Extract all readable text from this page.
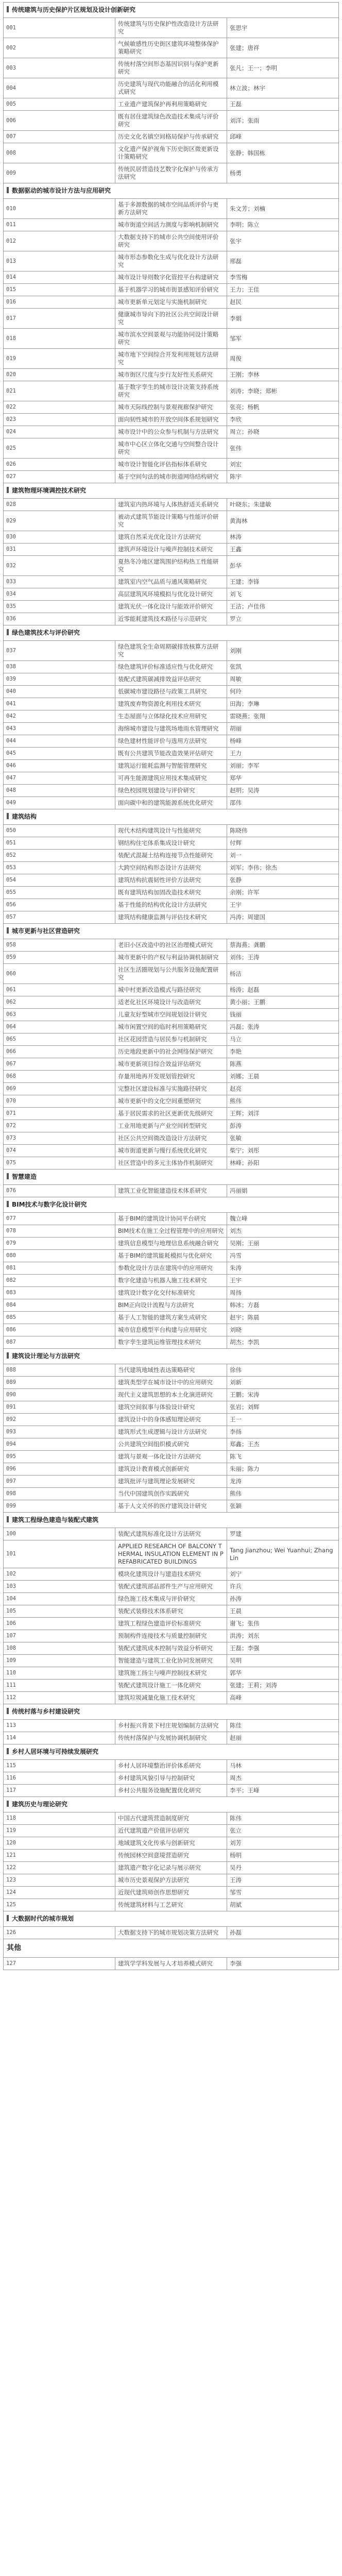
传统建筑与历史保护片区规划及设计创新研究		
001	传统建筑与历史保护性改造设计方法研究	张思宇
002	气候敏感性历史街区建筑环境整体保护策略研究	张建；唐祥
003	传统村落空间形态基因识别与保护更新研究	张凡；王一；李明
004	历史建筑与现代功能融合的活化利用模式研究	林立波；林宇
005	工业遗产建筑保护再利用策略研究	王磊
006	既有居住建筑绿色改造技术集成与评价研究	刘洋；张雨
007	历史文化名镇空间格局保护与传承研究	邱峰
008	文化遗产保护视角下历史街区微更新设计策略研究	张静；韩国栋
009	传统民居营造技艺数字化保护与传承方法研究	杨勇
数据驱动的城市设计方法与应用研究		
010	基于多源数据的城市空间品质评价与更新方法研究	朱文芳；刘楠
011	城市街道空间活力测度与影响机制研究	李明；陈立
012	大数据支持下的城市公共空间使用评价研究	张宇
013	城市形态参数化生成与优化设计方法研究	邢磊
014	城市设计导则数字化管控平台构建研究	李雪梅
015	基于机器学习的城市街景感知评价研究	王力；王佳
016	城市更新单元划定与实施机制研究	赵民
017	健康城市导向下的社区公共空间设计研究	李娟
018	城市滨水空间景观与功能协同设计策略研究	邹军
019	城市地下空间综合开发利用规划方法研究	周俊
020	城市街区尺度与步行友好性关系研究	王刚；李林
021	基于数字孪生的城市设计决策支持系统研究	刘涛；李晓；郑彬
022	城市天际线控制与景观视廊保护研究	张亮；杨帆
023	面向韧性城市的开放空间体系规划研究	李欣
024	城市设计中的公众参与机制与方法研究	周立；孙晓
025	城市中心区立体化交通与空间整合设计研究	张伟
026	城市设计智能化评估指标体系研究	刘宏
027	基于空间句法的城市街道网络结构研究	陈宇
建筑物理环境调控技术研究		
028	建筑室内热环境与人体热舒适关系研究	叶晓东；朱建敏
029	被动式建筑节能设计策略与性能评价研究	黄海林
030	建筑自然采光优化设计方法研究	林涛
031	建筑声环境设计与噪声控制技术研究	王鑫
032	夏热冬冷地区建筑围护结构热工性能研究	彭华
033	建筑室内空气品质与通风策略研究	王建；李锋
034	高层建筑风环境模拟与优化设计研究	刘飞
035	建筑光伏一体化设计与能效评价研究	王洁；卢佳伟
036	近零能耗建筑技术路径与示范研究	罗立
绿色建筑技术与评价研究		
037	绿色建筑全生命周期碳排放核算方法研究	刘刚
038	绿色建筑评价标准适应性与优化研究	张凯
039	装配式建筑碳减排效益评估研究	周敏
040	低碳城市建设路径与政策工具研究	何玲
041	建筑废弃物资源化利用技术研究	田海；李琳
042	生态屋面与立体绿化技术应用研究	雷晓燕；张翔
043	海绵城市建设与建筑场地雨水管理研究	胡丽
044	绿色建材性能评价与选用方法研究	杨峰
045	既有公共建筑节能改造效果评估研究	王力
046	建筑运行能耗监测与智能管理研究	刘丽；李军
047	可再生能源建筑应用技术集成研究	郑华
048	绿色校园规划建设与评价研究	赵明；吴涛
049	面向碳中和的建筑能源系统优化研究	邵伟
建筑结构		
050	现代木结构建筑设计与性能研究	陈晓伟
051	钢结构住宅体系集成设计研究	付辉
052	装配式混凝土结构连接节点性能研究	刘一
053	大跨空间结构形态设计方法研究	刘军；李伟；徐杰
054	建筑结构抗震韧性评价方法研究	张静
055	既有建筑结构加固改造技术研究	余刚；许军
056	基于性能的结构优化设计方法研究	王宇
057	建筑结构健康监测与评估技术研究	冯涛；周建国
城市更新与社区营造研究		
058	老旧小区改造中的社区治理模式研究	蔡海燕；龚鹏
059	城市更新中的产权与利益协调机制研究	刘伟；王涛
060	社区生活圈规划与公共服务设施配置研究	杨洁
061	城中村更新改造模式与路径研究	杨涛；赵磊
062	适老化社区环境设计与改造研究	黄小丽；王鹏
063	儿童友好型城市空间规划设计研究	钱丽
064	城市闲置空间的临时利用策略研究	冯磊；张涛
065	社区花园营造与居民参与机制研究	马立
066	历史地段更新中的社会网络保护研究	李艳
067	城市更新项目综合效益评估研究	陈燕
068	存量用地再开发规划管控研究	刘娜；王晨
069	完整社区建设标准与实施路径研究	赵亮
070	城市更新中的文化空间重塑研究	熊伟
071	基于居民需求的社区更新优先级研究	王辉；刘洋
072	工业用地更新与产业空间转型研究	彭涛
073	社区公共空间微改造设计方法研究	张敏
074	城市街道更新与慢行系统优化研究	柴宁；刘彤
075	社区营造中的多元主体协作机制研究	林峰；孙阳
智慧建造		
076	建筑工业化智能建造技术体系研究	冯丽娟
BIM技术与数字化设计研究		
077	基于BIM的建筑设计协同平台研究	魏立峰
078	BIM技术在施工全过程管理中的应用研究	刘杰
079	建筑信息模型与地理信息系统融合研究	吴刚；王丽
080	基于BIM的建筑能耗模拟与优化研究	冯雪
081	参数化设计方法在建筑中的应用研究	朱涛
082	数字化建造与机器人施工技术研究	王宇
083	建筑设计数字化交付标准研究	周扬
084	BIM正向设计流程与方法研究	韩冰；方磊
085	基于人工智能的建筑方案生成研究	赵宇；陈晨
086	城市信息模型平台构建与应用研究	刘晓
087	数字孪生建筑运维管理技术研究	胡杰；李凯
建筑设计理论与方法研究		
088	当代建筑地域性表达策略研究	徐伟
089	建筑类型学在城市设计中的应用研究	刘新
090	现代主义建筑思想的本土化演进研究	王鹏；宋涛
091	建筑空间叙事与体验设计研究	张岩；刘辉
092	建筑设计中的身体感知理论研究	王一
093	建筑形式生成逻辑与设计方法研究	李扬
094	公共建筑空间组织模式研究	郑鑫；王杰
095	建筑与景观一体化设计方法研究	陈飞
096	建筑设计教育模式创新研究	朱丽；陈力
097	建筑批评与建筑理论发展研究	龙涛
098	当代中国建筑创作实践研究	熊伟
099	基于人文关怀的医疗建筑设计研究	张颖
建筑工程绿色建造与装配式建筑		
100	装配式建筑标准化设计方法研究	罗建
101	APPLIED RESEARCH OF BALCONY THERMAL INSULATION ELEMENT IN PREFABRICATED BUILDINGS	Tang Jianzhou; Wei Yuanhui; Zhang Lin
102	模块化建筑设计与建造技术研究	刘宁
103	装配式建筑部品部件生产与应用研究	许兵
104	绿色施工技术集成与评价研究	孙涛
105	装配式装修技术体系研究	王晨
106	建筑工程绿色建造评价标准研究	谢飞；张伟
107	预制构件连接技术与质量控制研究	洪涛；刘东
108	装配式建筑成本控制与效益分析研究	王磊；李强
109	智能建造与建筑工业化协同发展研究	吴明
110	建筑施工扬尘与噪声控制技术研究	郭华
111	装配式建筑设计施工一体化研究	张建；王莉；刘涛
112	建筑垃圾减量化施工技术研究	高峰
传统村落与乡村建设研究		
113	乡村振兴背景下村庄规划编制方法研究	陈佳
114	传统村落保护与发展协调机制研究	赵丽
乡村人居环境与可持续发展研究		
115	乡村人居环境整治评价体系研究	马林
116	乡村建筑风貌引导与控制研究	周杰
117	乡村公共服务设施配置优化研究	李平；王峰
建筑历史与理论研究		
118	中国古代建筑营造制度研究	陈伟
119	近代建筑遗产价值评估研究	张立
120	地域建筑文化传承与创新研究	刘芳
121	传统园林空间意境营造研究	杨明
122	建筑遗产数字化记录与展示研究	吴丹
123	城市历史景观保护方法研究	王涛
124	近现代建筑师创作思想研究	邹雪
125	传统建筑材料与工艺研究	胡斌
大数据时代的城市规划		
126	大数据支持下的城市规划决策方法研究	孙磊
其他		
127	建筑学学科发展与人才培养模式研究	李强
